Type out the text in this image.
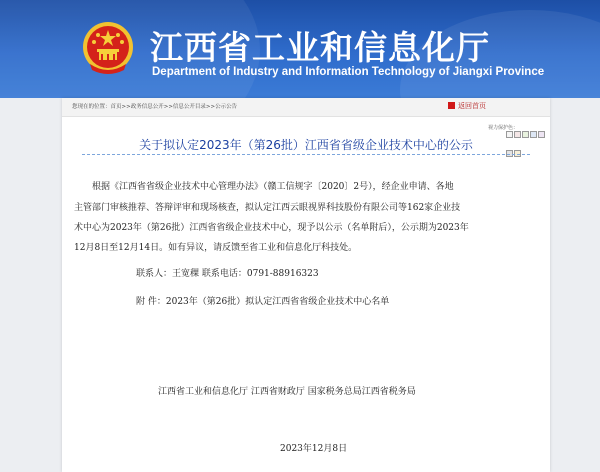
江西省工业和信息化厅
Department of Industry and Information Technology of Jiangxi Province
您现在的位置：首页>>政务信息公开>>信息公开目录>>公示公告	返回首页
视力保护色：
关于拟认定2023年（第26批）江西省省级企业技术中心的公示
根据《江西省省级企业技术中心管理办法》（赣工信规字〔2020〕2号），经企业申请、各地
主管部门审核推荐、答辩评审和现场核查，拟认定江西云眼视界科技股份有限公司等162家企业技
术中心为2023年（第26批）江西省省级企业技术中心，现予以公示（名单附后），公示期为2023年
12月8日至12月14日。如有异议，请反馈至省工业和信息化厅科技处。
联系人：王宽稞 联系电话：0791-88916323
附 件：2023年（第26批）拟认定江西省省级企业技术中心名单
江西省工业和信息化厅 江西省财政厅 国家税务总局江西省税务局
2023年12月8日
